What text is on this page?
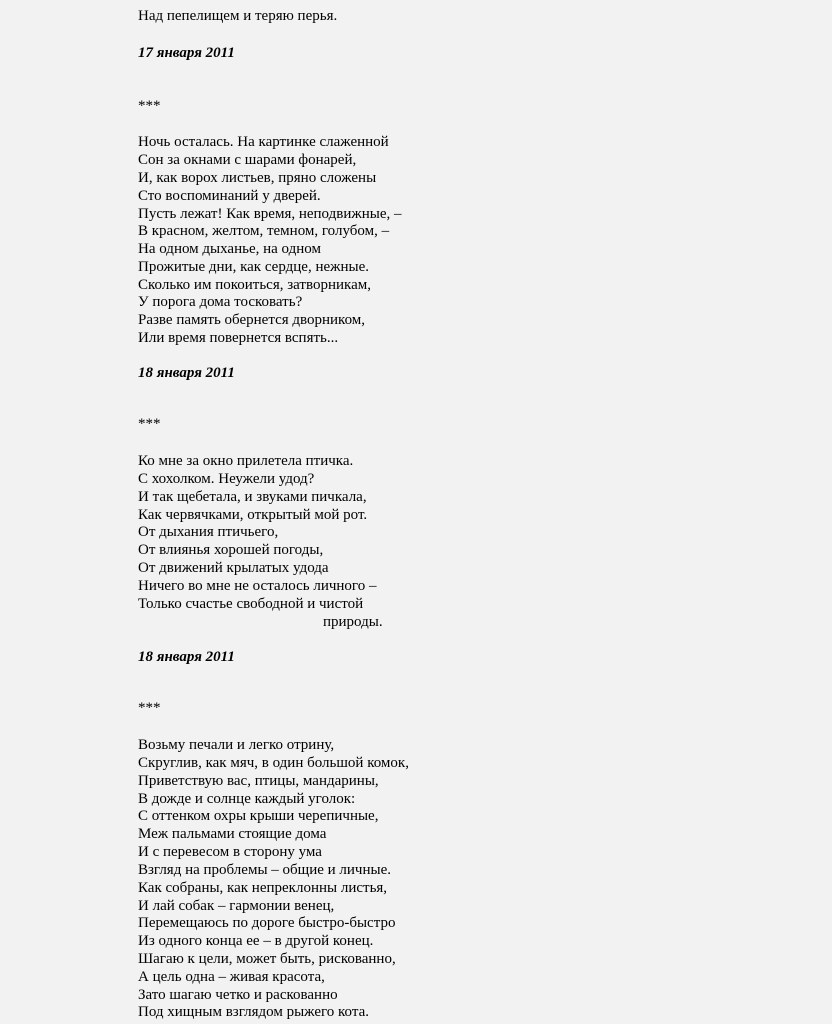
Над пепелищем и теряю перья.
17 января 2011
***
Ночь осталась. На картинке слаженной
Сон за окнами с шарами фонарей,
И, как ворох листьев, пряно сложены
Сто воспоминаний у дверей.
Пусть лежат! Как время, неподвижные, –
В красном, желтом, темном, голубом, –
На одном дыханье, на одном
Прожитые дни, как сердце, нежные.
Сколько им покоиться, затворникам,
У порога дома тосковать?
Разве память обернется дворником,
Или время повернется вспять...
18 января 2011
***
Ко мне за окно прилетела птичка.
С хохолком. Неужели удод?
И так щебетала, и звуками пичкала,
Как червячками, открытый мой рот.
От дыхания птичьего,
От влиянья хорошей погоды,
От движений крылатых удода
Ничего во мне не осталось личного –
Только счастье свободной и чистой
природы.
18 января 2011
***
Возьму печали и легко отрину,
Скруглив, как мяч, в один большой комок,
Приветствую вас, птицы, мандарины,
В дожде и солнце каждый уголок:
С оттенком охры крыши черепичные,
Меж пальмами стоящие дома
И с перевесом в сторону ума
Взгляд на проблемы – общие и личные.
Как собраны, как непреклонны листья,
И лай собак – гармонии венец,
Перемещаюсь по дороге быстро-быстро
Из одного конца ее – в другой конец.
Шагаю к цели, может быть, рискованно,
А цель одна – живая красота,
Зато шагаю четко и раскованно
Под хищным взглядом рыжего кота.
